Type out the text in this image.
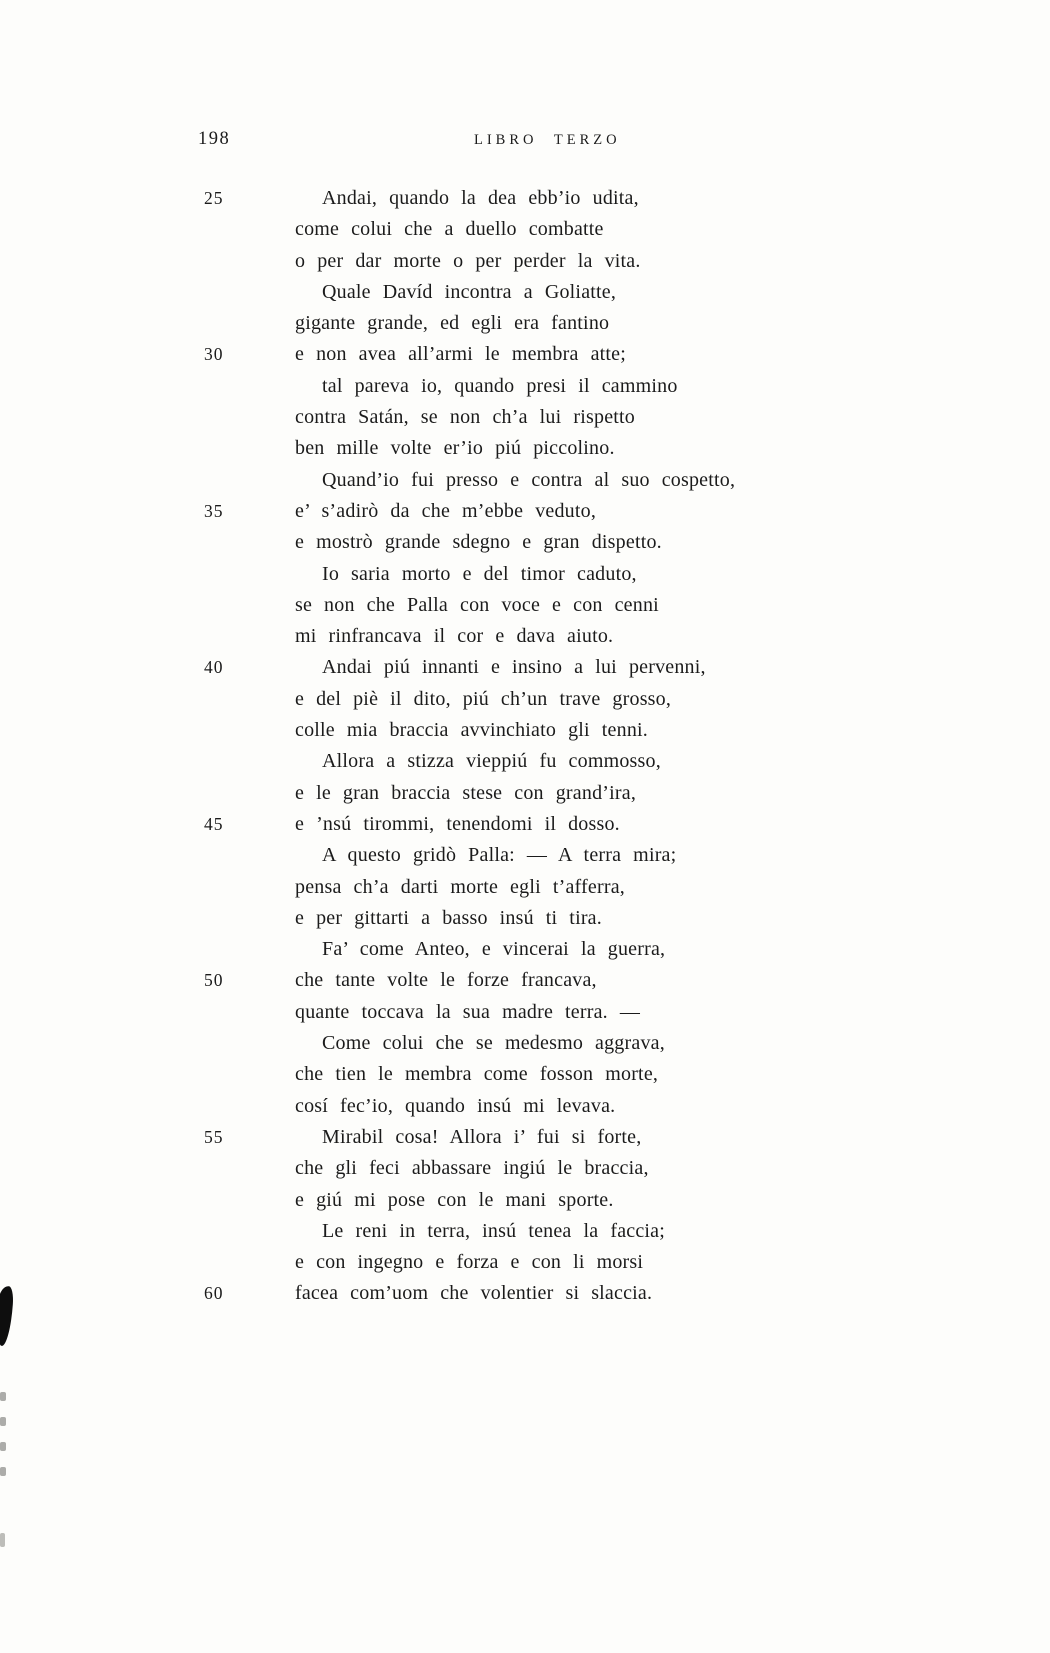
198	LIBRO TERZO
25	Andai, quando la dea ebb’io udita,
come colui che a duello combatte
o per dar morte o per perder la vita.
Quale Davíd incontra a Goliatte,
gigante grande, ed egli era fantino
30	e non avea all’armi le membra atte;
tal pareva io, quando presi il cammino
contra Satán, se non ch’a lui rispetto
ben mille volte er’io piú piccolino.
Quand’io fui presso e contra al suo cospetto,
35	e’ s’adirò da che m’ebbe veduto,
e mostrò grande sdegno e gran dispetto.
Io saria morto e del timor caduto,
se non che Palla con voce e con cenni
mi rinfrancava il cor e dava aiuto.
40	Andai piú innanti e insino a lui pervenni,
e del piè il dito, piú ch’un trave grosso,
colle mia braccia avvinchiato gli tenni.
Allora a stizza vieppiú fu commosso,
e le gran braccia stese con grand’ira,
45	e ’nsú tirommi, tenendomi il dosso.
A questo gridò Palla: — A terra mira;
pensa ch’a darti morte egli t’afferra,
e per gittarti a basso insú ti tira.
Fa’ come Anteo, e vincerai la guerra,
50	che tante volte le forze francava,
quante toccava la sua madre terra. —
Come colui che se medesmo aggrava,
che tien le membra come fosson morte,
cosí fec’io, quando insú mi levava.
55	Mirabil cosa! Allora i’ fui si forte,
che gli feci abbassare ingiú le braccia,
e giú mi pose con le mani sporte.
Le reni in terra, insú tenea la faccia;
e con ingegno e forza e con li morsi
60	facea com’uom che volentier si slaccia.
